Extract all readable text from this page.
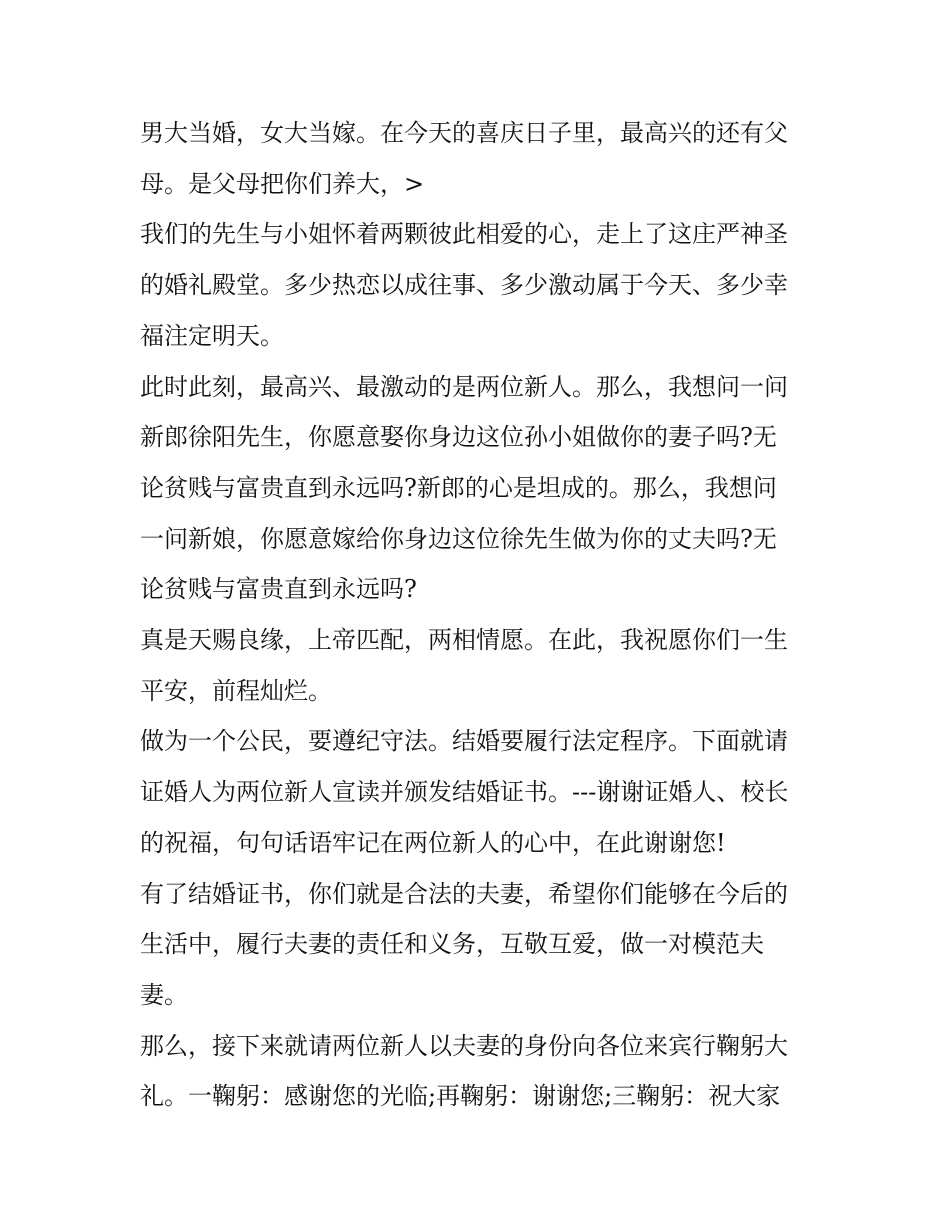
男大当婚，女大当嫁。在今天的喜庆日子里，最高兴的还有父
母。是父母把你们养大，>
我们的先生与小姐怀着两颗彼此相爱的心，走上了这庄严神圣
的婚礼殿堂。多少热恋以成往事、多少激动属于今天、多少幸
福注定明天。
此时此刻，最高兴、最激动的是两位新人。那么，我想问一问
新郎徐阳先生，你愿意娶你身边这位孙小姐做你的妻子吗?无
论贫贱与富贵直到永远吗?新郎的心是坦成的。那么，我想问
一问新娘，你愿意嫁给你身边这位徐先生做为你的丈夫吗?无
论贫贱与富贵直到永远吗?
真是天赐良缘，上帝匹配，两相情愿。在此，我祝愿你们一生
平安，前程灿烂。
做为一个公民，要遵纪守法。结婚要履行法定程序。下面就请
证婚人为两位新人宣读并颁发结婚证书。---谢谢证婚人、校长
的祝福，句句话语牢记在两位新人的心中，在此谢谢您!
有了结婚证书，你们就是合法的夫妻，希望你们能够在今后的
生活中，履行夫妻的责任和义务，互敬互爱，做一对模范夫
妻。
那么，接下来就请两位新人以夫妻的身份向各位来宾行鞠躬大
礼。一鞠躬：感谢您的光临;再鞠躬：谢谢您;三鞠躬：祝大家
